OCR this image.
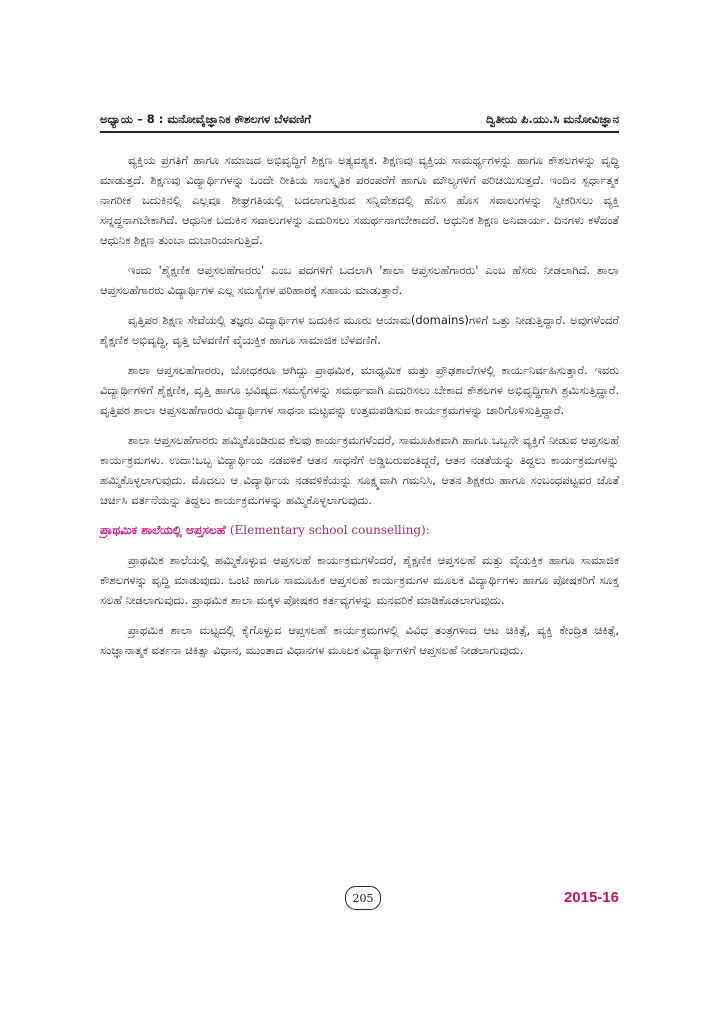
ಅಧ್ಯಾಯ – 8 : ಮನೋವೈಜ್ಞಾನಿಕ ಕೌಶಲಗಳ ಬೆಳವಣಿಗೆ	ದ್ವಿತೀಯ ಪಿ.ಯು.ಸಿ ಮನೋವಿಜ್ಞಾನ

ವ್ಯಕ್ತಿಯ ಪ್ರಗತಿಗೆ ಹಾಗೂ ಸಮಾಜದ ಅಭಿವೃದ್ಧಿಗೆ ಶಿಕ್ಷಣ ಅತ್ಯವಶ್ಯಕ. ಶಿಕ್ಷಣವು ವ್ಯಕ್ತಿಯ ಸಾಮರ್ಥ್ಯಗಳನ್ನು ಹಾಗೂ ಕೌಶಲಗಳನ್ನು ವೃದ್ಧಿ ಮಾಡುತ್ತದೆ. ಶಿಕ್ಷಣವು ವಿದ್ಯಾರ್ಥಿಗಳನ್ನು ಒಂದೇ ರೀತಿಯ ಸಾಂಸ್ಕೃತಿಕ ಪರಂಪರೆಗೆ ಹಾಗೂ ಮೌಲ್ಯಗಳಿಗೆ ಪರಿಚಯಿಸುತ್ತದೆ. ಇಂದಿನ ಸ್ಪರ್ಧಾತ್ಮಕ ನಾಗರೀಕ ಬದುಕಿನಲ್ಲಿ ಎಲ್ಲವೂ ಶೀಘ್ರಗತಿಯಲ್ಲಿ ಬದಲಾಗುತ್ತಿರುವ ಸನ್ನಿವೇಶದಲ್ಲಿ ಹೊಸ ಹೊಸ ಸವಾಲುಗಳನ್ನು ಸ್ವೀಕರಿಸಲು ವ್ಯಕ್ತಿ ಸನ್ನದ್ಧನಾಗಬೇಕಾಗಿದೆ. ಆಧುನಿಕ ಬದುಕಿನ ಸವಾಲುಗಳನ್ನು ಎದುರಿಸಲು ಸಮರ್ಥನಾಗಬೇಕಾದರೆ. ಆಧುನಿಕ ಶಿಕ್ಷಣ ಅನಿವಾರ್ಯ. ದಿನಗಳು ಕಳೆದಂತೆ ಆಧುನಿಕ ಶಿಕ್ಷಣ ತುಂಬಾ ದುಬಾರಿಯಾಗುತ್ತಿದೆ.

ಇಂದು 'ಶೈಕ್ಷಣಿಕ ಆಪ್ತಸಲಹೆಗಾರರು' ಎಂಬ ಪದಗಳಿಗೆ ಬದಲಾಗಿ 'ಶಾಲಾ ಆಪ್ತಸಲಹೆಗಾರರು' ಎಂಬ ಹೆಸರು ನೀಡಲಾಗಿದೆ. ಶಾಲಾ ಆಪ್ತಸಲಹೆಗಾರರು ವಿದ್ಯಾರ್ಥಿಗಳ ಎಲ್ಲ ಸಮಸ್ಯೆಗಳ ಪರಿಹಾರಕ್ಕೆ ಸಹಾಯ ಮಾಡುತ್ತಾರೆ.

ವೃತ್ತಿಪರ ಶಿಕ್ಷಣ ಸೇವೆಯಲ್ಲಿ ತಜ್ಞರು ವಿದ್ಯಾರ್ಥಿಗಳ ಬದುಕಿನ ಮೂರು ಆಯಾಮ(domains)ಗಳಿಗೆ ಒತ್ತು ನೀಡುತ್ತಿದ್ದಾರೆ. ಅವುಗಳೆಂದರೆ ಶೈಕ್ಷಣಿಕ ಅಭಿವೃದ್ಧಿ, ವೃತ್ತಿ ಬೆಳವಣಿಗೆ ವೈಯಕ್ತಿಕ ಹಾಗೂ ಸಾಮಾಜಿಕ ಬೆಳವಣಿಗೆ.

ಶಾಲಾ ಆಪ್ತಸಲಹೆಗಾರರು, ಬೋಧಕರೂ ಆಗಿದ್ದು ಪ್ರಾಥಮಿಕ, ಮಾಧ್ಯಮಿಕ ಮತ್ತು ಪ್ರೌಢಶಾಲೆಗಳಲ್ಲಿ ಕಾರ್ಯನಿರ್ವಹಿಸುತ್ತಾರೆ. ಇವರು ವಿದ್ಯಾರ್ಥಿಗಳಿಗೆ ಶೈಕ್ಷಣಿಕ, ವೃತ್ತಿ ಹಾಗೂ ಭವಿಷ್ಯದ ಸಮಸ್ಯೆಗಳನ್ನು ಸಮರ್ಥವಾಗಿ ಎದುರಿಸಲು ಬೇಕಾದ ಕೌಶಲಗಳ ಅಭಿವೃದ್ಧಿಗಾಗಿ ಶ್ರಮಿಸುತ್ತಿದ್ದಾರೆ. ವೃತ್ತಿಪರ ಶಾಲಾ ಆಪ್ತಸಲಹೆಗಾರರು ವಿದ್ಯಾರ್ಥಿಗಳ ಸಾಧನಾ ಮಟ್ಟವನ್ನು ಉತ್ತಮಪಡಿಸುವ ಕಾರ್ಯಕ್ರಮಗಳನ್ನು ಜಾರಿಗೊಳಿಸುತ್ತಿದ್ದಾರೆ.

ಶಾಲಾ ಆಪ್ತಸಲಹೆಗಾರರು ಹಮ್ಮಿಕೊಂಡಿರುವ ಕೆಲವು ಕಾರ್ಯಕ್ರಮಗಳೆಂದರೆ, ಸಾಮೂಹಿಕವಾಗಿ ಹಾಗೂ ಒಬ್ಬನೇ ವ್ಯಕ್ತಿಗೆ ನೀಡುವ ಆಪ್ತಸಲಹೆ ಕಾರ್ಯಕ್ರಮಗಳು. ಉದಾ:ಒಬ್ಬ ವಿದ್ಯಾರ್ಥಿಯ ನಡವಳಿಕೆ ಆತನ ಸಾಧನೆಗೆ ಅಡ್ಡಿಬರುವಂತಿದ್ದರೆ, ಆತನ ನಡತೆಯನ್ನು ತಿದ್ದಲು ಕಾರ್ಯಕ್ರಮಗಳನ್ನು ಹಮ್ಮಿಕೊಳ್ಳಲಾಗುವುದು. ಮೊದಲು ಆ ವಿದ್ಯಾರ್ಥಿಯ ನಡವಳಿಕೆಯನ್ನು ಸೂಕ್ಷ್ಮವಾಗಿ ಗಮನಿಸಿ, ಆತನ ಶಿಕ್ಷಕರು ಹಾಗೂ ಸಂಬಂಧಪಟ್ಟವರ ಜೊತೆ ಚರ್ಚಿಸಿ ವರ್ತನೆಯನ್ನು ತಿದ್ದಲು ಕಾರ್ಯಕ್ರಮಗಳನ್ನು ಹಮ್ಮಿಕೊಳ್ಳಲಾಗುವುದು.

ಪ್ರಾಥಮಿಕ ಶಾಲೆಯಲ್ಲಿ ಆಪ್ತಸಲಹೆ (Elementary school counselling):

ಪ್ರಾಥಮಿಕ ಶಾಲೆಯಲ್ಲಿ ಹಮ್ಮಿಕೊಳ್ಳುವ ಆಪ್ತಸಲಹೆ ಕಾರ್ಯಕ್ರಮಗಳೆಂದರೆ, ಶೈಕ್ಷಣಿಕ ಆಪ್ತಸಲಹೆ ಮತ್ತು ವೈಯಕ್ತಿಕ ಹಾಗೂ ಸಾಮಾಜಿಕ ಕೌಶಲಗಳನ್ನು ವೃದ್ಧಿ ಮಾಡುವುದು. ಒಂಟಿ ಹಾಗೂ ಸಾಮೂಹಿಕ ಆಪ್ತಸಲಹೆ ಕಾರ್ಯಕ್ರಮಗಳ ಮೂಲಕ ವಿದ್ಯಾರ್ಥಿಗಳು ಹಾಗೂ ಪೋಷಕರಿಗೆ ಸೂಕ್ತ ಸಲಹೆ ನೀಡಲಾಗುವುದು. ಪ್ರಾಥಮಿಕ ಶಾಲಾ ಮಕ್ಕಳ ಪೋಷಕರ ಕರ್ತವ್ಯಗಳನ್ನು ಮನವರಿಕೆ ಮಾಡಿಕೊಡಲಾಗುವುದು.

ಪ್ರಾಥಮಿಕ ಶಾಲಾ ಮಟ್ಟದಲ್ಲಿ ಕೈಗೊಳ್ಳುವ ಆಪ್ತಸಲಹೆ ಕಾರ್ಯಕ್ರಮಗಳಲ್ಲಿ ವಿವಿಧ ತಂತ್ರಗಳಾದ ಆಟ ಚಿಕಿತ್ಸೆ, ವ್ಯಕ್ತಿ ಕೇಂದ್ರಿತ ಚಿಕಿತ್ಸೆ, ಸಂಜ್ಞಾನಾತ್ಮಕ ವರ್ತನಾ ಚಿಕಿತ್ಸಾ ವಿಧಾನ, ಮುಂತಾದ ವಿಧಾನಗಳ ಮೂಲಕ ವಿದ್ಯಾರ್ಥಿಗಳಿಗೆ ಆಪ್ತಸಲಹೆ ನೀಡಲಾಗುವುದು.

205	2015-16
